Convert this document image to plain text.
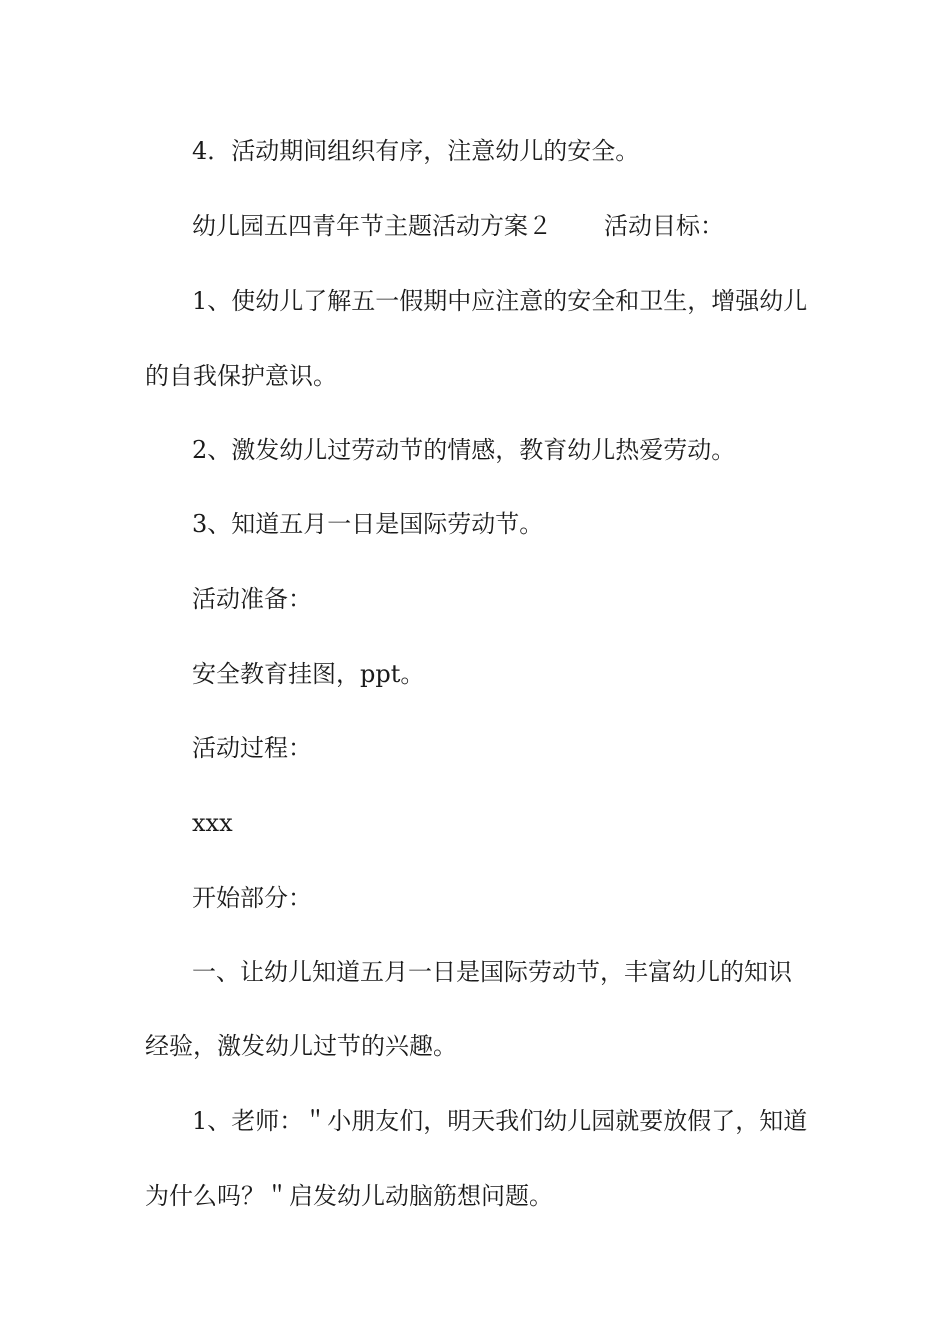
4．活动期间组织有序，注意幼儿的安全。
幼儿园五四青年节主题活动方案２ 活动目标：
1、使幼儿了解五一假期中应注意的安全和卫生，增强幼儿
的自我保护意识。
2、激发幼儿过劳动节的情感，教育幼儿热爱劳动。
3、知道五月一日是国际劳动节。
活动准备：
安全教育挂图，ppt。
活动过程：
xxx
开始部分：
一、让幼儿知道五月一日是国际劳动节，丰富幼儿的知识
经验，激发幼儿过节的兴趣。
1、老师：＂小朋友们，明天我们幼儿园就要放假了，知道
为什么吗？＂启发幼儿动脑筋想问题。
